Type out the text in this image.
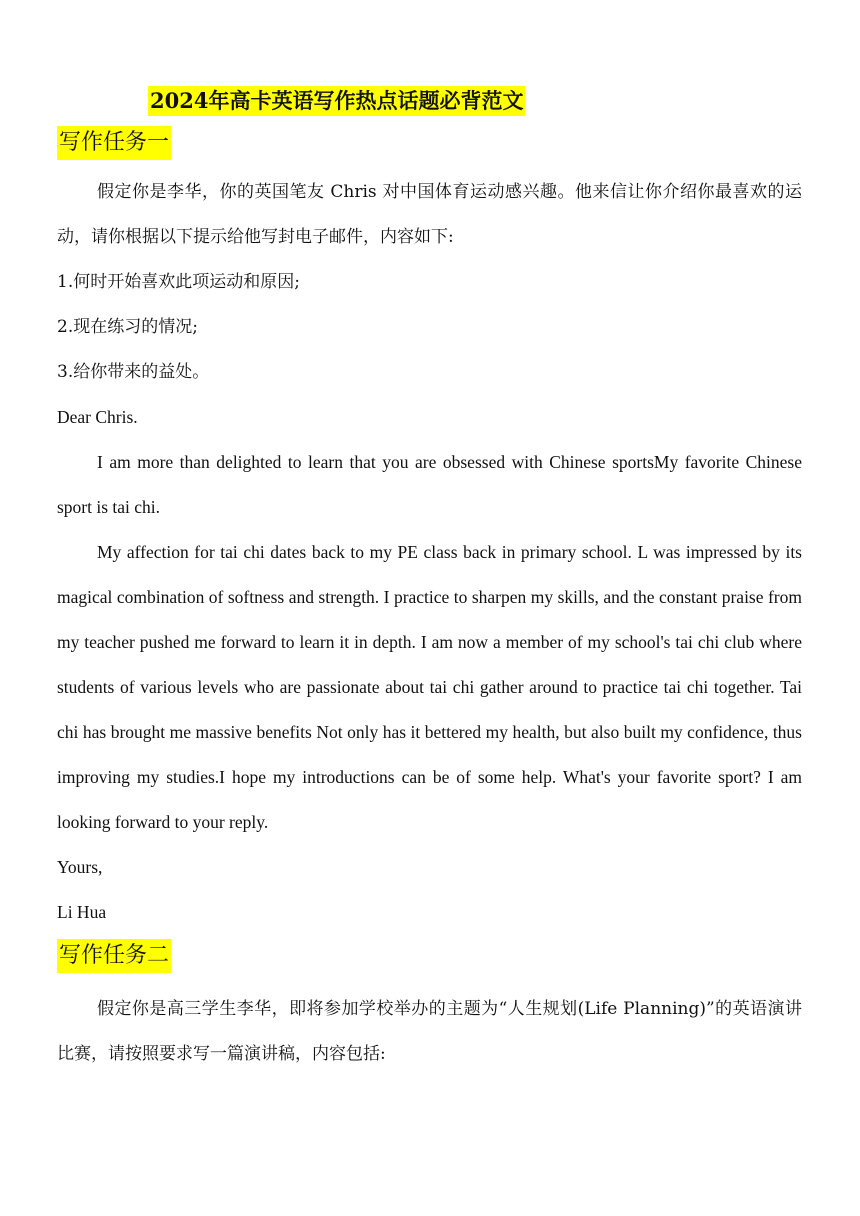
2024年高卡英语写作热点话题必背范文
写作任务一

假定你是李华，你的英国笔友 Chris 对中国体育运动感兴趣。他来信让你介绍你最喜欢的运动，请你根据以下提示给他写封电子邮件，内容如下:

1.何时开始喜欢此项运动和原因;

2.现在练习的情况;

3.给你带来的益处。

Dear Chris.

I am more than delighted to learn that you are obsessed with Chinese sportsMy favorite Chinese sport is tai chi.

My affection for tai chi dates back to my PE class back in primary school. L was impressed by its magical combination of softness and strength. I practice to sharpen my skills, and the constant praise from my teacher pushed me forward to learn it in depth. I am now a member of my school's tai chi club where students of various levels who are passionate about tai chi gather around to practice tai chi together. Tai chi has brought me massive benefits Not only has it bettered my health, but also built my confidence, thus improving my studies.I hope my introductions can be of some help. What's your favorite sport? I am looking forward to your reply.

Yours,

Li Hua

写作任务二

假定你是高三学生李华，即将参加学校举办的主题为“人生规划(Life Planning)”的英语演讲比赛，请按照要求写一篇演讲稿，内容包括:
